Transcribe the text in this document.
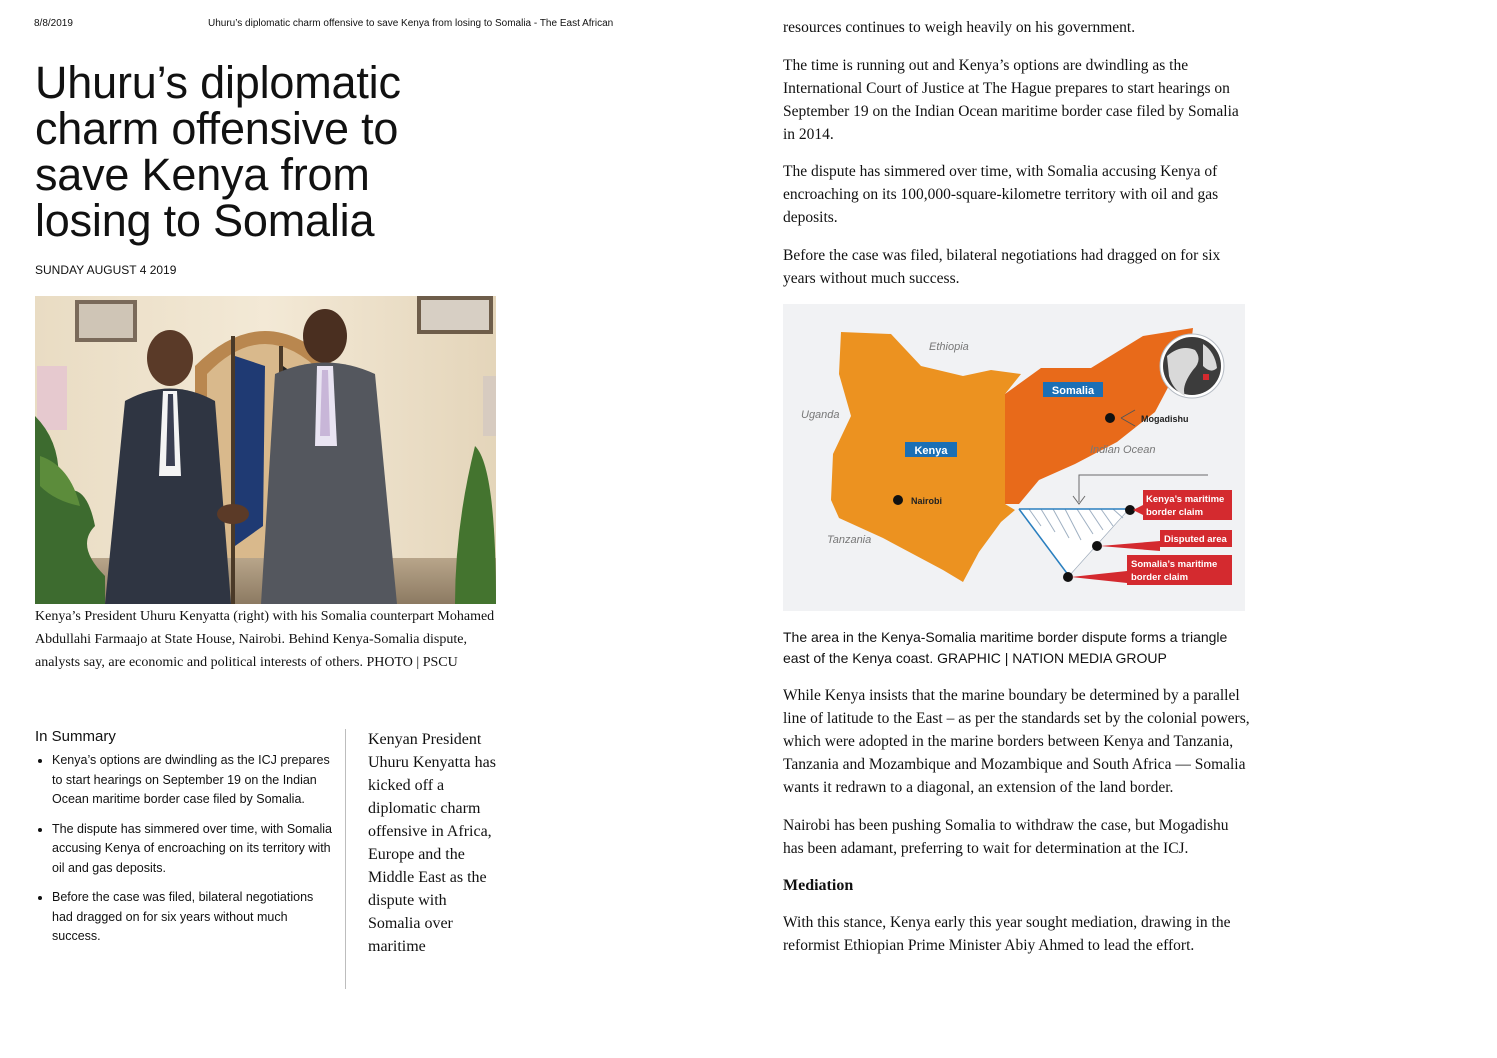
8/8/2019	Uhuru’s diplomatic charm offensive to save Kenya from losing to Somalia - The East African
Uhuru’s diplomatic charm offensive to save Kenya from losing to Somalia
SUNDAY AUGUST 4 2019

Kenya’s President Uhuru Kenyatta (right) with his Somalia counterpart Mohamed Abdullahi Farmaajo at State House, Nairobi. Behind Kenya-Somalia dispute, analysts say, are economic and political interests of others. PHOTO | PSCU

In Summary
• Kenya’s options are dwindling as the ICJ prepares to start hearings on September 19 on the Indian Ocean maritime border case filed by Somalia.
• The dispute has simmered over time, with Somalia accusing Kenya of encroaching on its territory with oil and gas deposits.
• Before the case was filed, bilateral negotiations had dragged on for six years without much success.

Kenyan President Uhuru Kenyatta has kicked off a diplomatic charm offensive in Africa, Europe and the Middle East as the dispute with Somalia over maritime

resources continues to weigh heavily on his government.

The time is running out and Kenya’s options are dwindling as the International Court of Justice at The Hague prepares to start hearings on September 19 on the Indian Ocean maritime border case filed by Somalia in 2014.

The dispute has simmered over time, with Somalia accusing Kenya of encroaching on its 100,000-square-kilometre territory with oil and gas deposits.

Before the case was filed, bilateral negotiations had dragged on for six years without much success.

Ethiopia
Uganda
Indian Ocean
Tanzania
Somalia
Kenya
Mogadishu
Nairobi	Kenya’s maritime
border claim
Disputed area
Somalia’s maritime
border claim

The area in the Kenya-Somalia maritime border dispute forms a triangle east of the Kenya coast. GRAPHIC | NATION MEDIA GROUP

While Kenya insists that the marine boundary be determined by a parallel line of latitude to the East – as per the standards set by the colonial powers, which were adopted in the marine borders between Kenya and Tanzania, Tanzania and Mozambique and Mozambique and South Africa — Somalia wants it redrawn to a diagonal, an extension of the land border.

Nairobi has been pushing Somalia to withdraw the case, but Mogadishu has been adamant, preferring to wait for determination at the ICJ.

Mediation

With this stance, Kenya early this year sought mediation, drawing in the reformist Ethiopian Prime Minister Abiy Ahmed to lead the effort.
